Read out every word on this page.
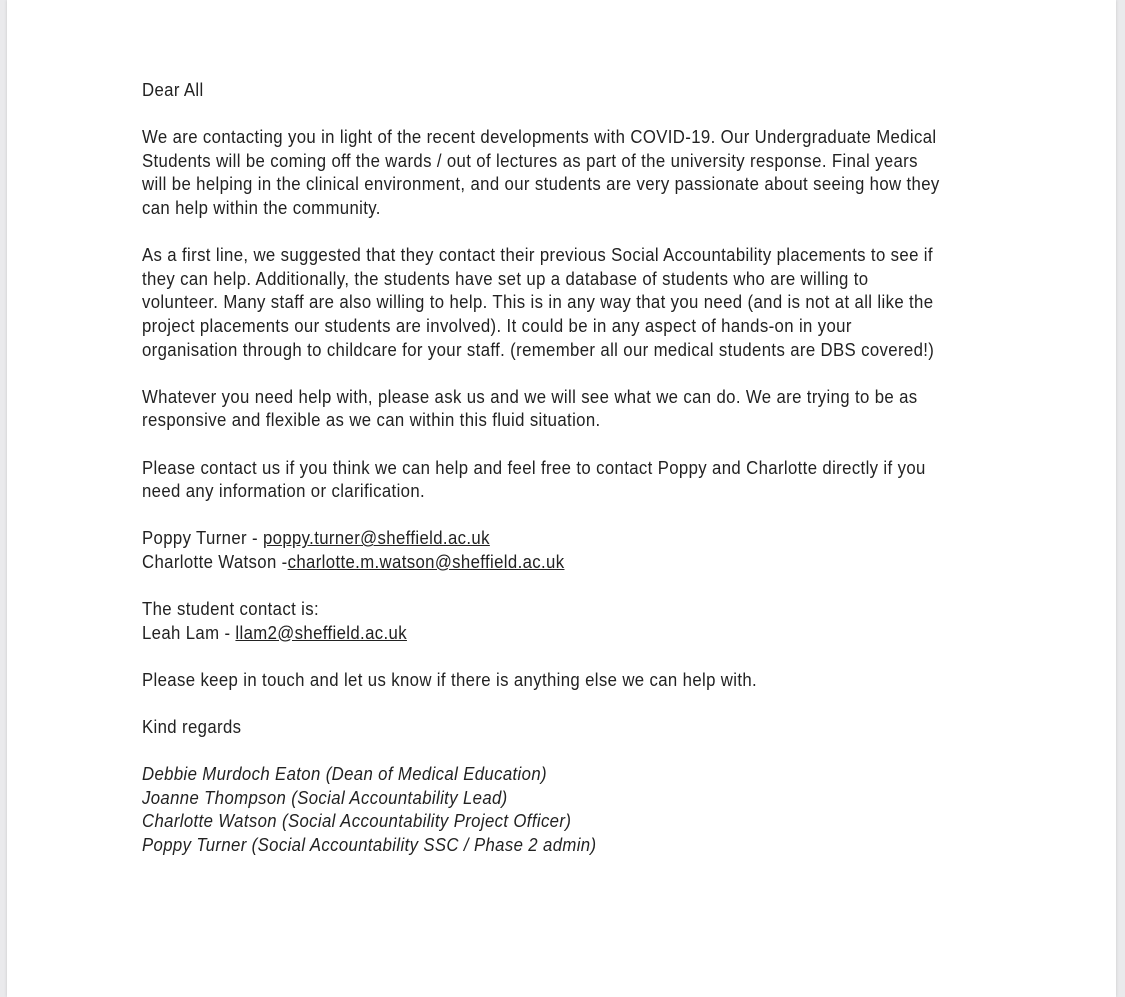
Dear All

We are contacting you in light of the recent developments with COVID-19. Our Undergraduate Medical Students will be coming off the wards / out of lectures as part of the university response. Final years will be helping in the clinical environment, and our students are very passionate about seeing how they can help within the community.

As a first line, we suggested that they contact their previous Social Accountability placements to see if they can help. Additionally, the students have set up a database of students who are willing to volunteer. Many staff are also willing to help. This is in any way that you need (and is not at all like the project placements our students are involved). It could be in any aspect of hands-on in your organisation through to childcare for your staff. (remember all our medical students are DBS covered!)

Whatever you need help with, please ask us and we will see what we can do. We are trying to be as responsive and flexible as we can within this fluid situation.

Please contact us if you think we can help and feel free to contact Poppy and Charlotte directly if you need any information or clarification.

Poppy Turner - poppy.turner@sheffield.ac.uk
Charlotte Watson -charlotte.m.watson@sheffield.ac.uk

The student contact is:
Leah Lam - llam2@sheffield.ac.uk

Please keep in touch and let us know if there is anything else we can help with.

Kind regards

Debbie Murdoch Eaton (Dean of Medical Education)
Joanne Thompson (Social Accountability Lead)
Charlotte Watson (Social Accountability Project Officer)
Poppy Turner (Social Accountability SSC / Phase 2 admin)
